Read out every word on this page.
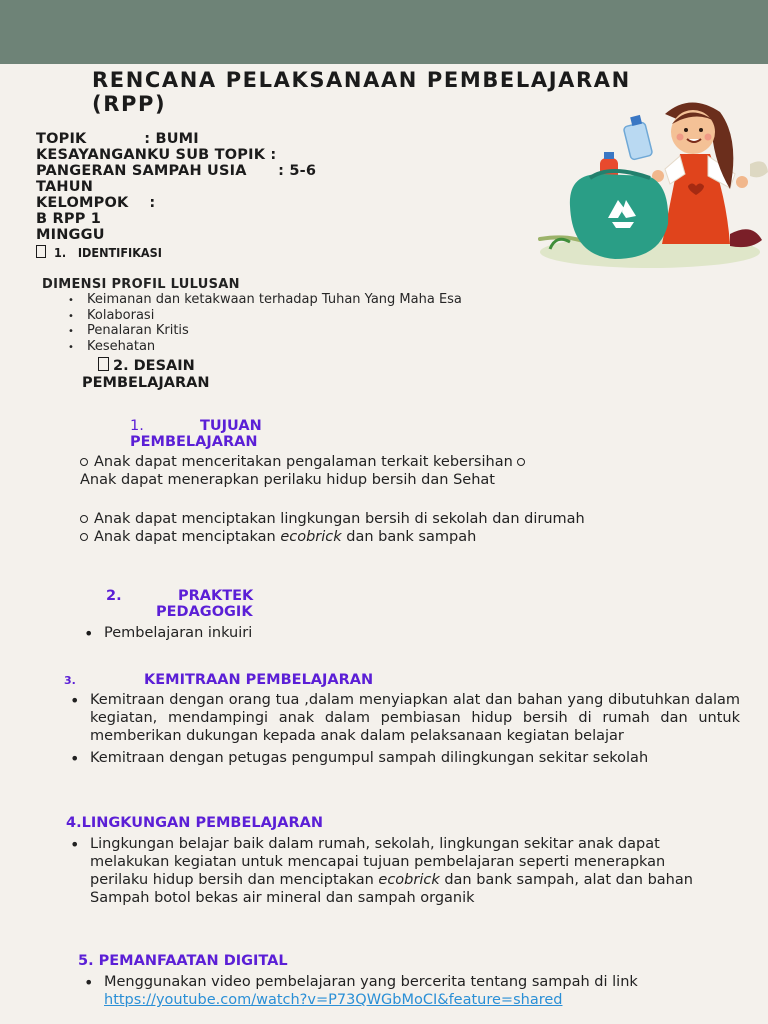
RENCANA PELAKSANAAN PEMBELAJARAN (RPP)
TOPIK           : BUMI
KESAYANGANKU SUB TOPIK :
PANGERAN SAMPAH USIA      : 5-6
TAHUN
KELOMPOK    :
B RPP 1
MINGGU
1. IDENTIFIKASI
DIMENSI PROFIL LULUSAN
• Keimanan dan ketakwaan terhadap Tuhan Yang Maha Esa
• Kolaborasi
• Penalaran Kritis
• Kesehatan
2. DESAIN
PEMBELAJARAN
1.	TUJUAN
PEMBELAJARAN
Anak dapat menceritakan pengalaman terkait kebersihan Anak dapat menerapkan perilaku hidup bersih dan Sehat
Anak dapat menciptakan lingkungan bersih di sekolah dan dirumah Anak dapat menciptakan ecobrick dan bank sampah
2.	PRAKTEK
PEDAGOGIK
• Pembelajaran inkuiri
3.	KEMITRAAN PEMBELAJARAN
• Kemitraan dengan orang tua ,dalam menyiapkan alat dan bahan yang dibutuhkan dalam kegiatan, mendampingi anak dalam pembiasan hidup bersih di rumah dan untuk memberikan dukungan kepada anak dalam pelaksanaan kegiatan belajar
• Kemitraan dengan petugas pengumpul sampah dilingkungan sekitar sekolah
4.LINGKUNGAN PEMBELAJARAN
• Lingkungan belajar baik dalam rumah, sekolah, lingkungan sekitar anak dapat melakukan kegiatan untuk mencapai tujuan pembelajaran seperti menerapkan perilaku hidup bersih dan menciptakan ecobrick dan bank sampah, alat dan bahan Sampah botol bekas air mineral dan sampah organik
5. PEMANFAATAN DIGITAL
• Menggunakan video pembelajaran yang bercerita tentang sampah di link
https://youtube.com/watch?v=P73QWGbMoCI&feature=shared
